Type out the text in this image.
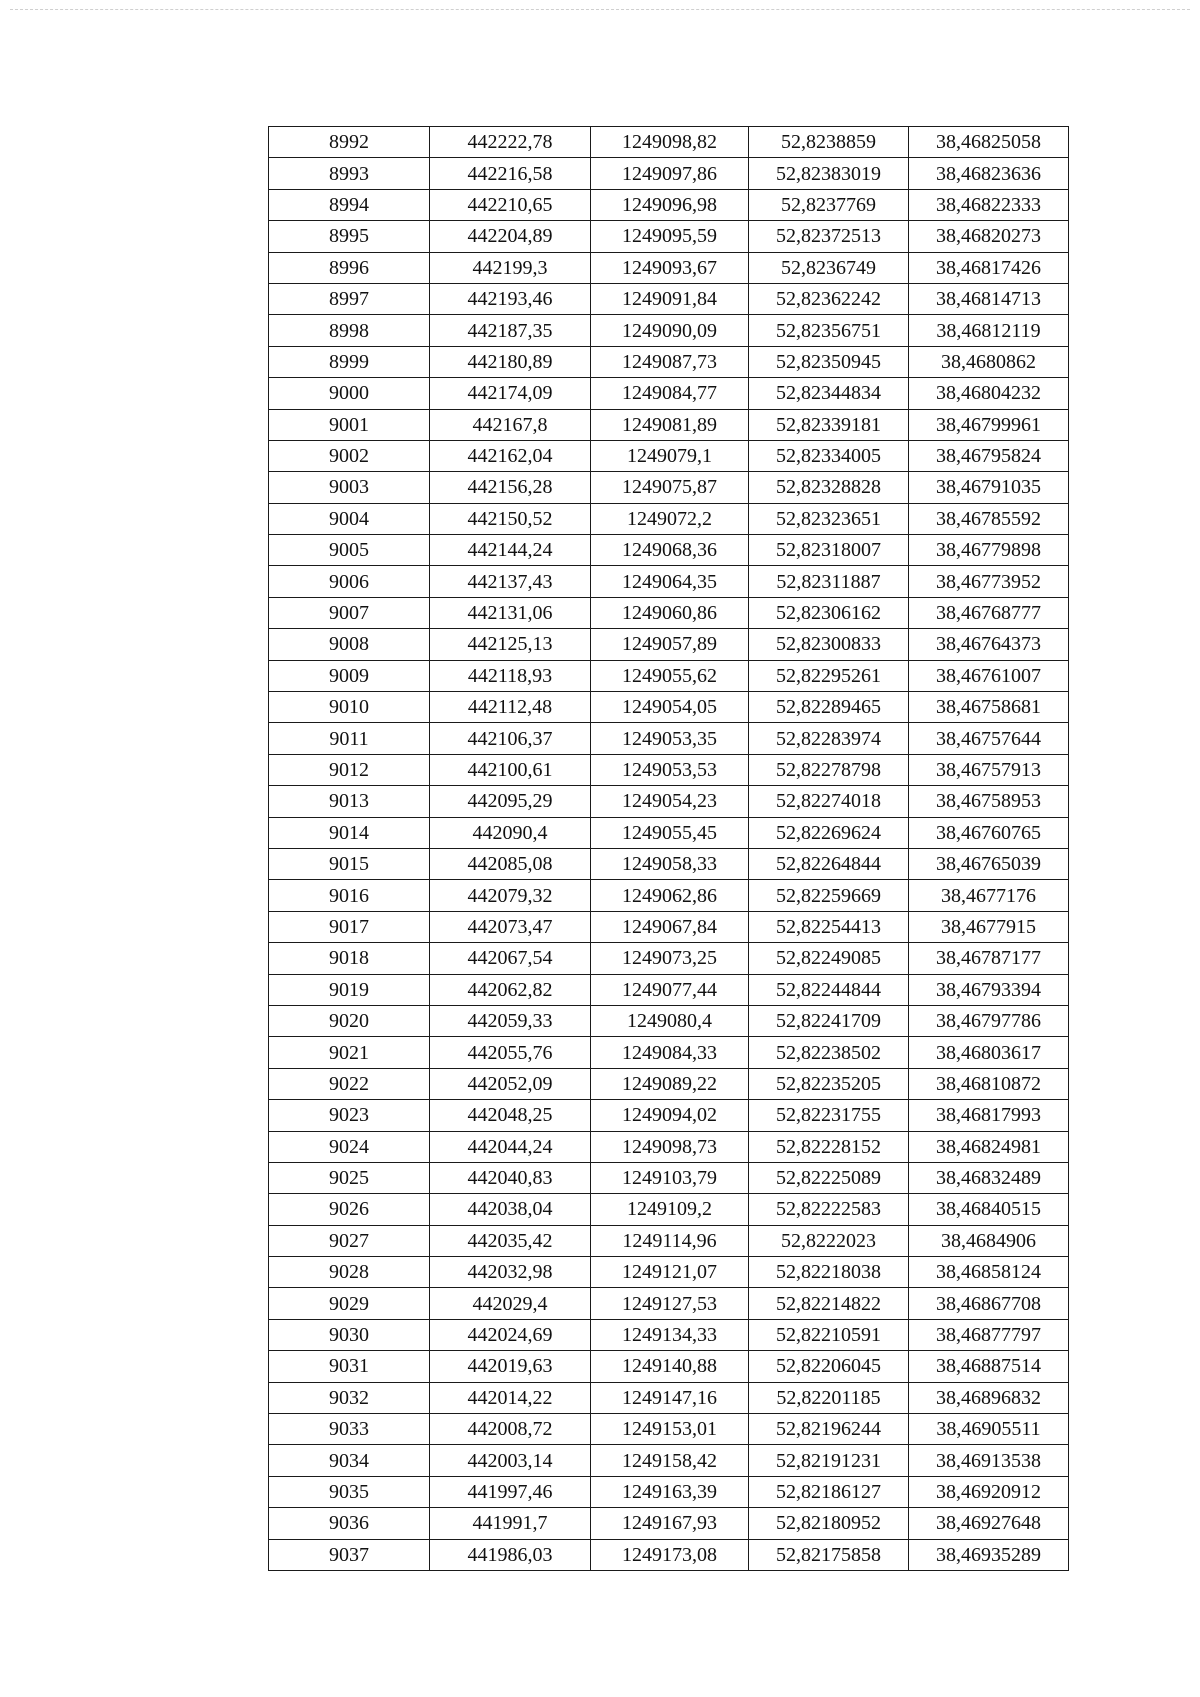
8992	442222,78	1249098,82	52,8238859	38,46825058
8993	442216,58	1249097,86	52,82383019	38,46823636
8994	442210,65	1249096,98	52,8237769	38,46822333
8995	442204,89	1249095,59	52,82372513	38,46820273
8996	442199,3	1249093,67	52,8236749	38,46817426
8997	442193,46	1249091,84	52,82362242	38,46814713
8998	442187,35	1249090,09	52,82356751	38,46812119
8999	442180,89	1249087,73	52,82350945	38,4680862
9000	442174,09	1249084,77	52,82344834	38,46804232
9001	442167,8	1249081,89	52,82339181	38,46799961
9002	442162,04	1249079,1	52,82334005	38,46795824
9003	442156,28	1249075,87	52,82328828	38,46791035
9004	442150,52	1249072,2	52,82323651	38,46785592
9005	442144,24	1249068,36	52,82318007	38,46779898
9006	442137,43	1249064,35	52,82311887	38,46773952
9007	442131,06	1249060,86	52,82306162	38,46768777
9008	442125,13	1249057,89	52,82300833	38,46764373
9009	442118,93	1249055,62	52,82295261	38,46761007
9010	442112,48	1249054,05	52,82289465	38,46758681
9011	442106,37	1249053,35	52,82283974	38,46757644
9012	442100,61	1249053,53	52,82278798	38,46757913
9013	442095,29	1249054,23	52,82274018	38,46758953
9014	442090,4	1249055,45	52,82269624	38,46760765
9015	442085,08	1249058,33	52,82264844	38,46765039
9016	442079,32	1249062,86	52,82259669	38,4677176
9017	442073,47	1249067,84	52,82254413	38,4677915
9018	442067,54	1249073,25	52,82249085	38,46787177
9019	442062,82	1249077,44	52,82244844	38,46793394
9020	442059,33	1249080,4	52,82241709	38,46797786
9021	442055,76	1249084,33	52,82238502	38,46803617
9022	442052,09	1249089,22	52,82235205	38,46810872
9023	442048,25	1249094,02	52,82231755	38,46817993
9024	442044,24	1249098,73	52,82228152	38,46824981
9025	442040,83	1249103,79	52,82225089	38,46832489
9026	442038,04	1249109,2	52,82222583	38,46840515
9027	442035,42	1249114,96	52,8222023	38,4684906
9028	442032,98	1249121,07	52,82218038	38,46858124
9029	442029,4	1249127,53	52,82214822	38,46867708
9030	442024,69	1249134,33	52,82210591	38,46877797
9031	442019,63	1249140,88	52,82206045	38,46887514
9032	442014,22	1249147,16	52,82201185	38,46896832
9033	442008,72	1249153,01	52,82196244	38,46905511
9034	442003,14	1249158,42	52,82191231	38,46913538
9035	441997,46	1249163,39	52,82186127	38,46920912
9036	441991,7	1249167,93	52,82180952	38,46927648
9037	441986,03	1249173,08	52,82175858	38,46935289
